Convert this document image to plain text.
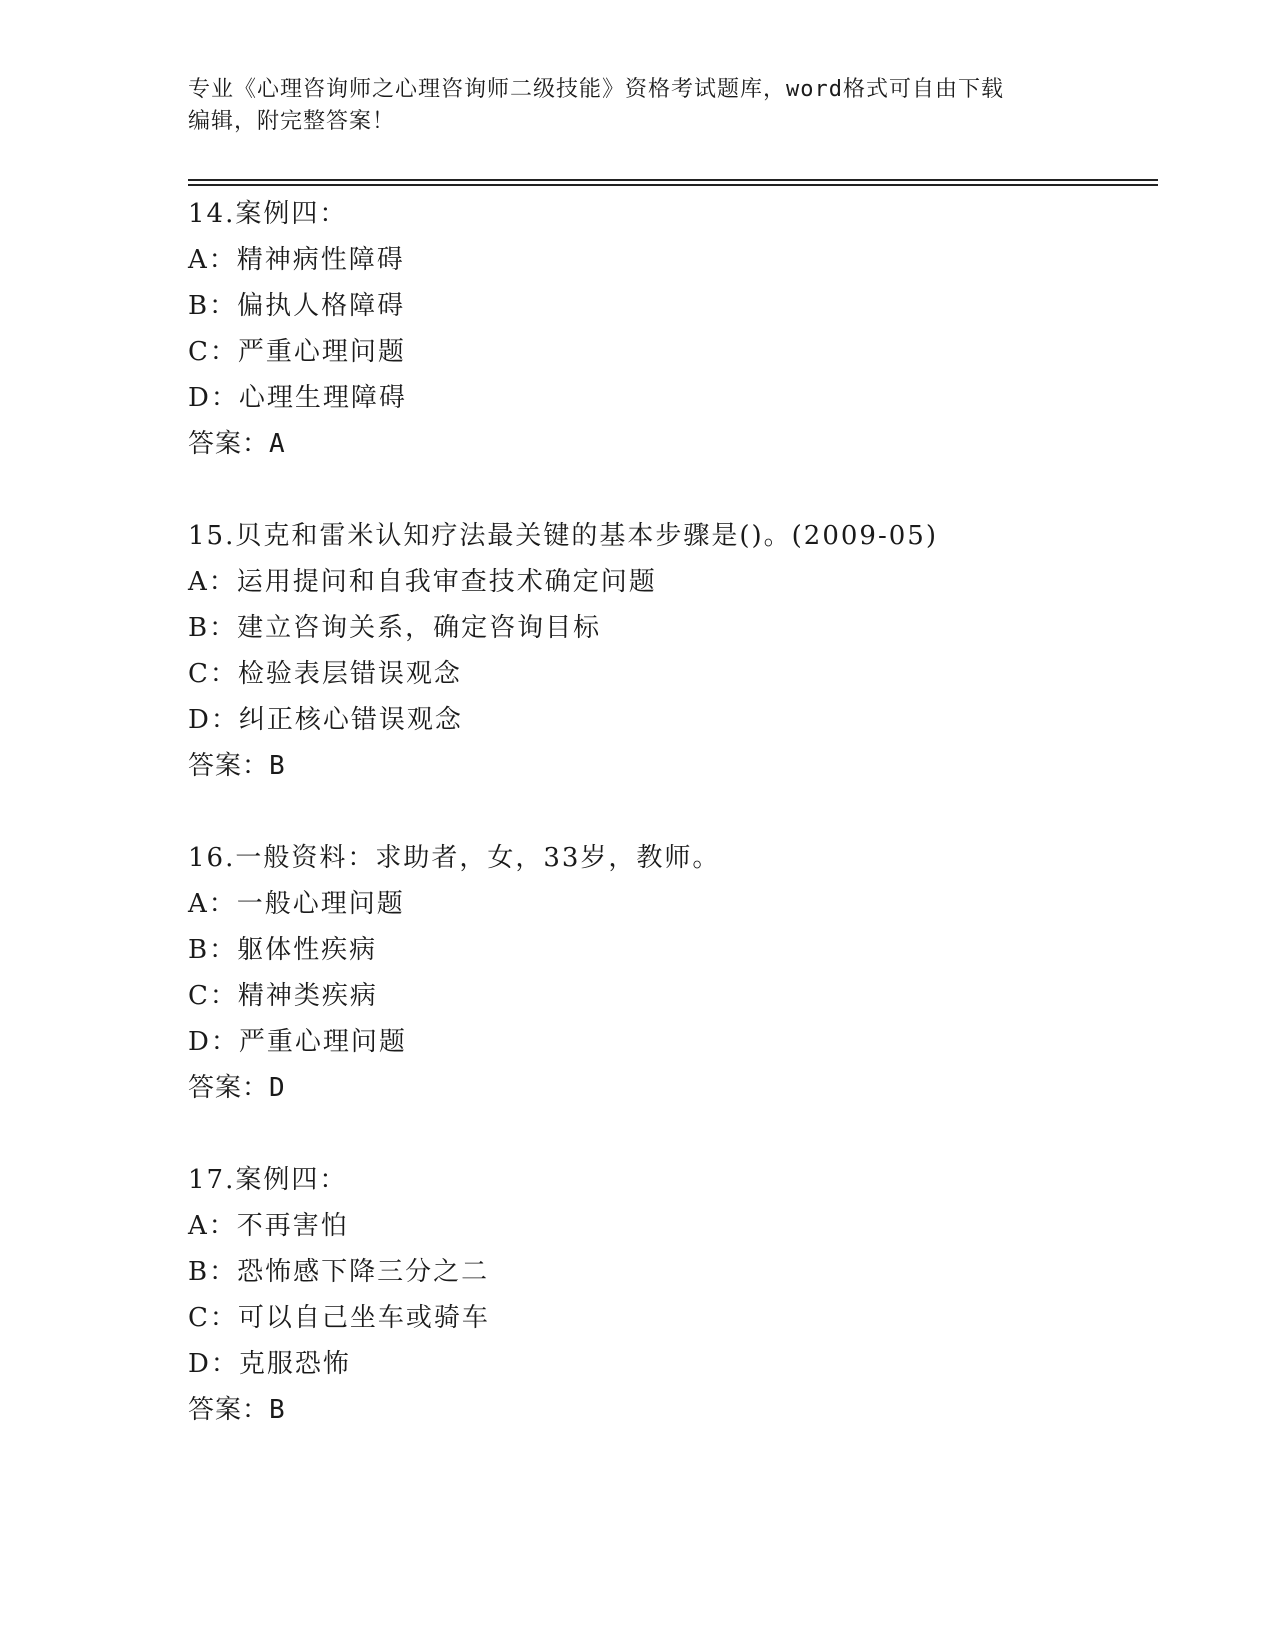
专业《心理咨询师之心理咨询师二级技能》资格考试题库，word格式可自由下载
编辑，附完整答案！
14.案例四：
A：精神病性障碍
B：偏执人格障碍
C：严重心理问题
D：心理生理障碍
答案：A
15.贝克和雷米认知疗法最关键的基本步骤是()。(2009-05)
A：运用提问和自我审查技术确定问题
B：建立咨询关系，确定咨询目标
C：检验表层错误观念
D：纠正核心错误观念
答案：B
16.一般资料：求助者，女，33岁，教师。
A：一般心理问题
B：躯体性疾病
C：精神类疾病
D：严重心理问题
答案：D
17.案例四：
A：不再害怕
B：恐怖感下降三分之二
C：可以自己坐车或骑车
D：克服恐怖
答案：B
